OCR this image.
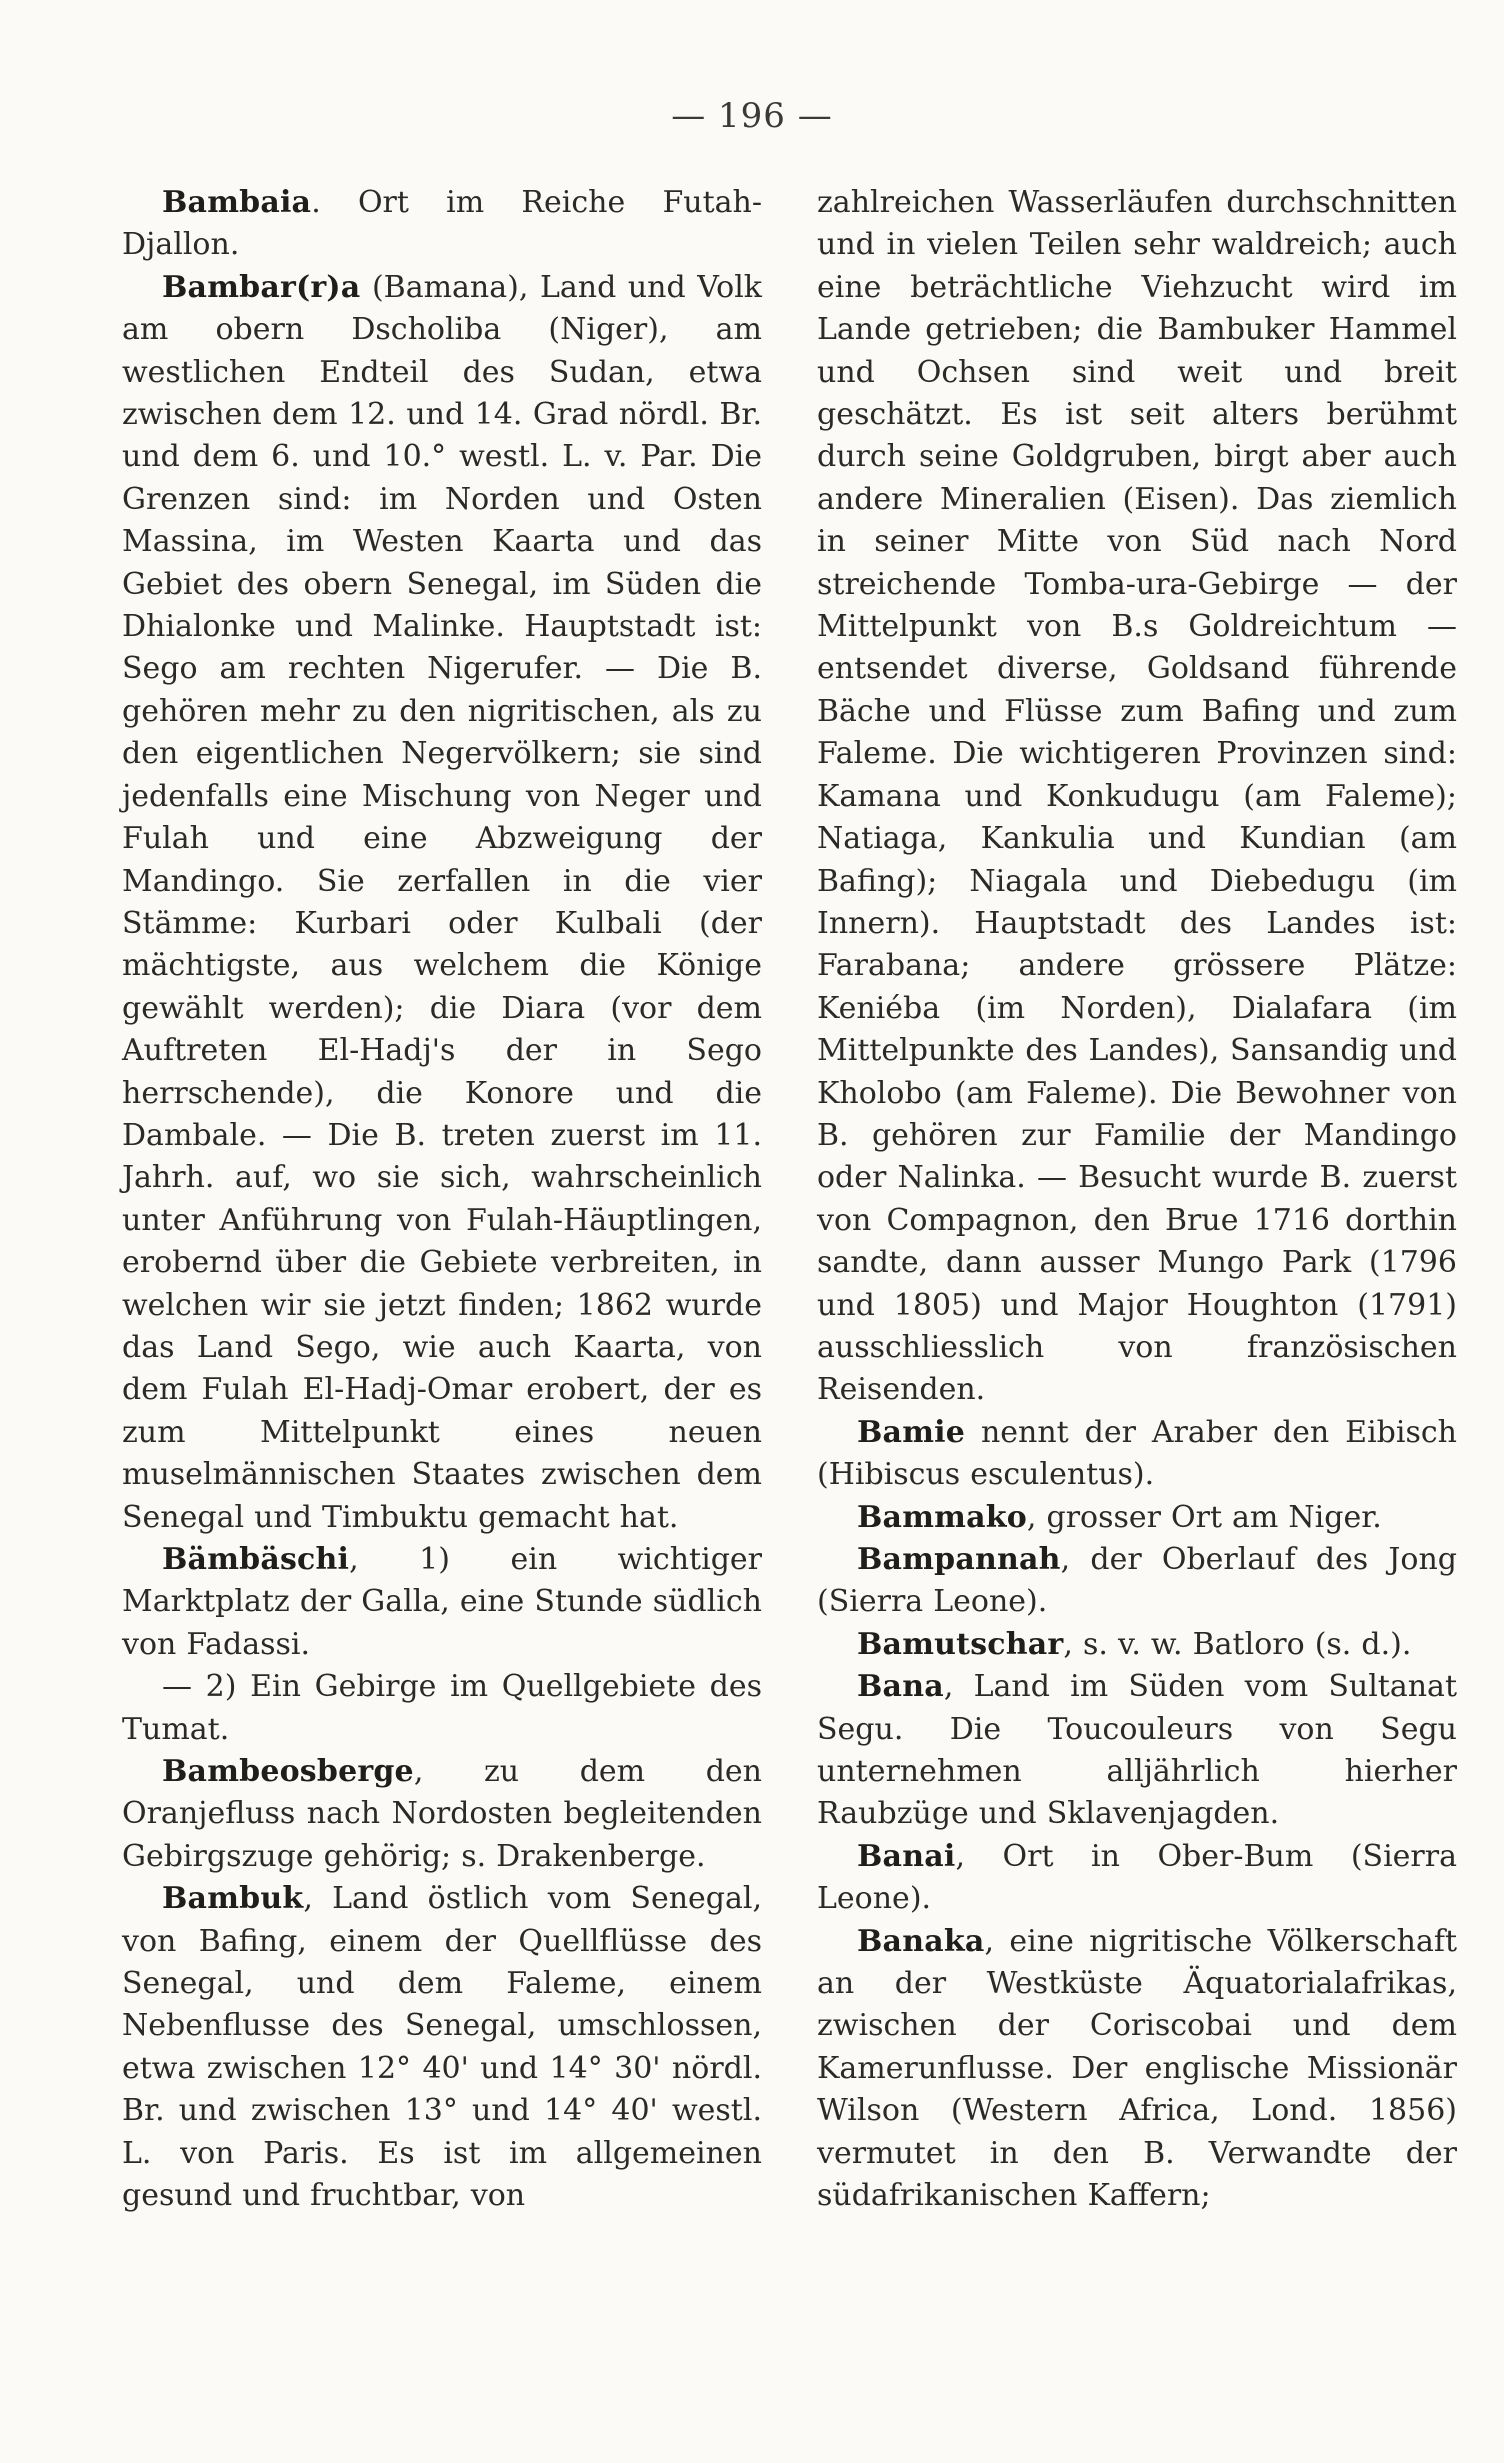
— 196 —

Bambaia. Ort im Reiche Futah-Djallon.

Bambar(r)a (Bamana), Land und Volk am obern Dscholiba (Niger), am westlichen Endteil des Sudan, etwa zwischen dem 12. und 14. Grad nördl. Br. und dem 6. und 10.° westl. L. v. Par. Die Grenzen sind: im Norden und Osten Massina, im Westen Kaarta und das Gebiet des obern Senegal, im Süden die Dhialonke und Malinke. Hauptstadt ist: Sego am rechten Nigerufer. — Die B. gehören mehr zu den nigritischen, als zu den eigentlichen Negervölkern; sie sind jedenfalls eine Mischung von Neger und Fulah und eine Abzweigung der Mandingo. Sie zerfallen in die vier Stämme: Kurbari oder Kulbali (der mächtigste, aus welchem die Könige gewählt werden); die Diara (vor dem Auftreten El-Hadj's der in Sego herrschende), die Konore und die Dambale. — Die B. treten zuerst im 11. Jahrh. auf, wo sie sich, wahrscheinlich unter Anführung von Fulah-Häuptlingen, erobernd über die Gebiete verbreiten, in welchen wir sie jetzt finden; 1862 wurde das Land Sego, wie auch Kaarta, von dem Fulah El-Hadj-Omar erobert, der es zum Mittelpunkt eines neuen muselmännischen Staates zwischen dem Senegal und Timbuktu gemacht hat.

Bämbäschi, 1) ein wichtiger Marktplatz der Galla, eine Stunde südlich von Fadassi.

— 2) Ein Gebirge im Quellgebiete des Tumat.

Bambeosberge, zu dem den Oranjefluss nach Nordosten begleitenden Gebirgszuge gehörig; s. Drakenberge.

Bambuk, Land östlich vom Senegal, von Bafing, einem der Quellflüsse des Senegal, und dem Faleme, einem Nebenflusse des Senegal, umschlossen, etwa zwischen 12° 40' und 14° 30' nördl. Br. und zwischen 13° und 14° 40' westl. L. von Paris. Es ist im allgemeinen gesund und fruchtbar, von

zahlreichen Wasserläufen durchschnitten und in vielen Teilen sehr waldreich; auch eine beträchtliche Viehzucht wird im Lande getrieben; die Bambuker Hammel und Ochsen sind weit und breit geschätzt. Es ist seit alters berühmt durch seine Goldgruben, birgt aber auch andere Mineralien (Eisen). Das ziemlich in seiner Mitte von Süd nach Nord streichende Tomba-ura-Gebirge — der Mittelpunkt von B.s Goldreichtum — entsendet diverse, Goldsand führende Bäche und Flüsse zum Bafing und zum Faleme. Die wichtigeren Provinzen sind: Kamana und Konkudugu (am Faleme); Natiaga, Kankulia und Kundian (am Bafing); Niagala und Diebedugu (im Innern). Hauptstadt des Landes ist: Farabana; andere grössere Plätze: Keniéba (im Norden), Dialafara (im Mittelpunkte des Landes), Sansandig und Kholobo (am Faleme). Die Bewohner von B. gehören zur Familie der Mandingo oder Nalinka. — Besucht wurde B. zuerst von Compagnon, den Brue 1716 dorthin sandte, dann ausser Mungo Park (1796 und 1805) und Major Houghton (1791) ausschliesslich von französischen Reisenden.

Bamie nennt der Araber den Eibisch (Hibiscus esculentus).

Bammako, grosser Ort am Niger.

Bampannah, der Oberlauf des Jong (Sierra Leone).

Bamutschar, s. v. w. Batloro (s. d.).

Bana, Land im Süden vom Sultanat Segu. Die Toucouleurs von Segu unternehmen alljährlich hierher Raubzüge und Sklavenjagden.

Banai, Ort in Ober-Bum (Sierra Leone).

Banaka, eine nigritische Völkerschaft an der Westküste Äquatorialafrikas, zwischen der Coriscobai und dem Kamerunflusse. Der englische Missionär Wilson (Western Africa, Lond. 1856) vermutet in den B. Verwandte der südafrikanischen Kaffern;
